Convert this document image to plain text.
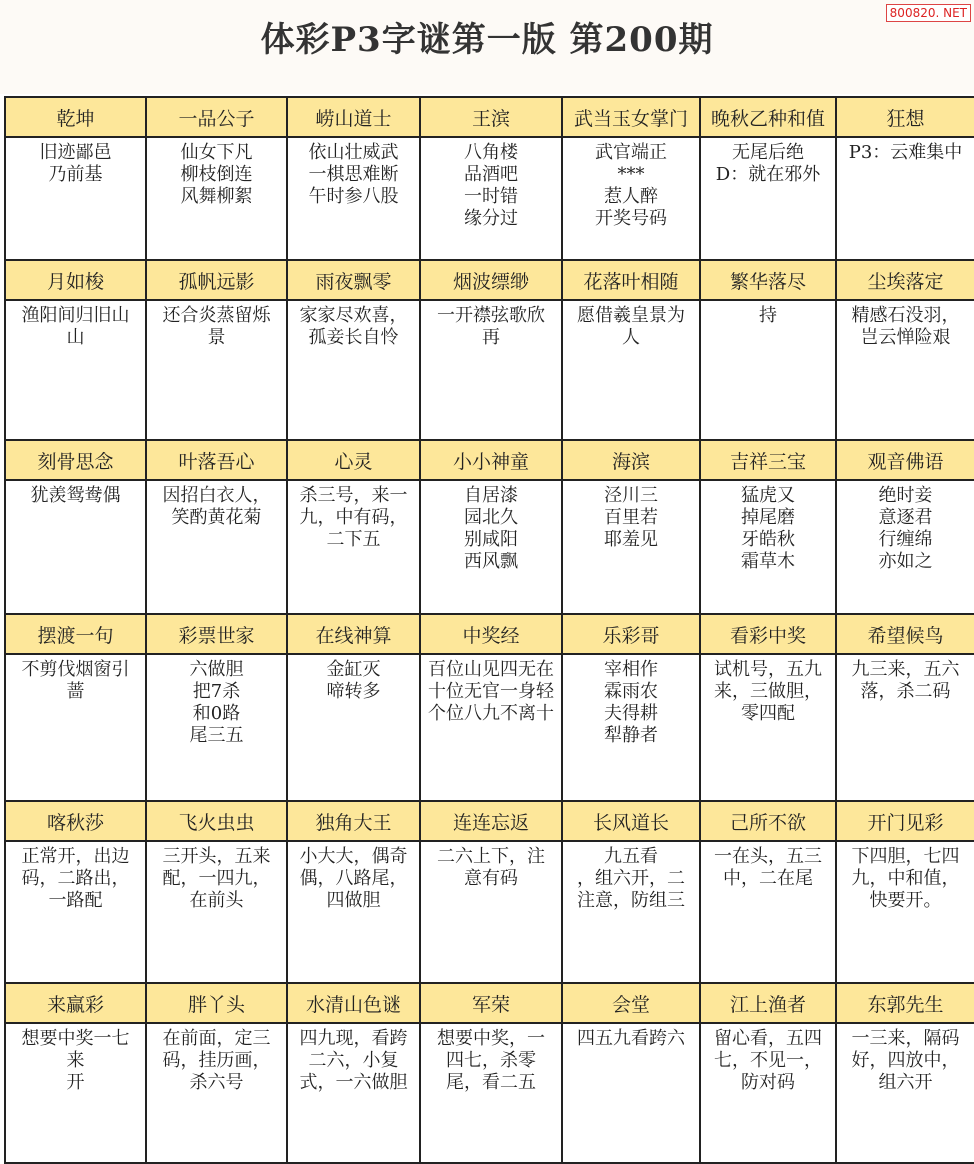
体彩P3字谜第一版 第200期
800820. NET
乾坤
旧迹鄙邑
乃前基
一品公子
仙女下凡
柳枝倒连
风舞柳絮
崂山道士
依山壮威武
一棋思难断
午时参八股
王滨
八角楼
品酒吧
一时错
缘分过
武当玉女掌门
武官端正
***
惹人醉
开奖号码
晚秋乙种和值
无尾后绝
D：就在邪外
狂想
P3：云难集中
月如梭
渔阳间归旧山
山
孤帆远影
还合炎蒸留烁
景
雨夜飘零
家家尽欢喜，
孤妾长自怜
烟波缥缈
一开襟弦歌欣
再
花落叶相随
愿借羲皇景为
人
繁华落尽
持
尘埃落定
精感石没羽，
岂云惮险艰
刻骨思念
犹羡鸳鸯偶
叶落吾心
因招白衣人，
笑酌黄花菊
心灵
杀三号，来一
九，中有码，
二下五
小小神童
自居漆
园北久
别咸阳
西风飘
海滨
泾川三
百里若
耶羞见
吉祥三宝
猛虎又
掉尾磨
牙皓秋
霜草木
观音佛语
绝时妾
意逐君
行缠绵
亦如之
摆渡一句
不剪伐烟窗引
蔷
彩票世家
六做胆
把7杀
和0路
尾三五
在线神算
金缸灭
啼转多
中奖经
百位山见四无在
十位无官一身轻
个位八九不离十
乐彩哥
宰相作
霖雨农
夫得耕
犁静者
看彩中奖
试机号，五九
来，三做胆，
零四配
希望候鸟
九三来，五六
落，杀二码
喀秋莎
正常开，出边
码，二路出，
一路配
飞火虫虫
三开头，五来
配，一四九，
在前头
独角大王
小大大，偶奇
偶，八路尾，
四做胆
连连忘返
二六上下，注
意有码
长风道长
九五看
，组六开，二
注意，防组三
己所不欲
一在头，五三
中，二在尾
开门见彩
下四胆，七四
九，中和值，
快要开。
来赢彩
想要中奖一七
来
开
胖丫头
在前面，定三
码，挂历画，
杀六号
水清山色谜
四九现，看跨
二六，小复
式，一六做胆
军荣
想要中奖，一
四七，杀零
尾，看二五
会堂
四五九看跨六
江上渔者
留心看，五四
七，不见一，
防对码
东郭先生
一三来，隔码
好，四放中，
组六开
